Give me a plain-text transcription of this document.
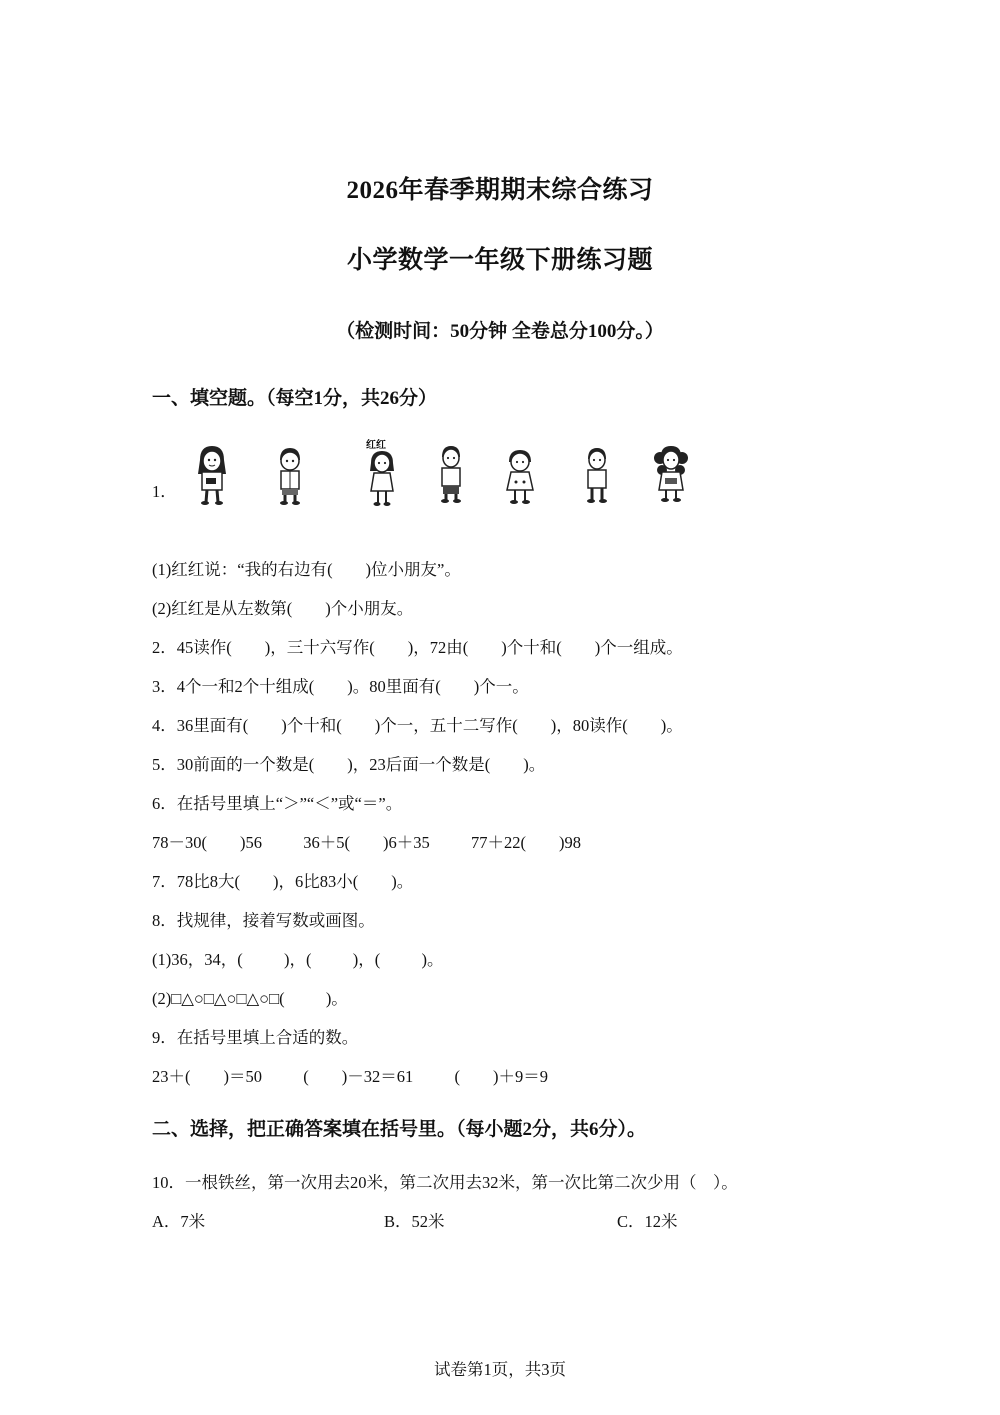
2026年春季期期末综合练习
小学数学一年级下册练习题
（检测时间：50分钟 全卷总分100分。）
一、填空题。（每空1分，共26分）
1．
红红
(1)红红说：“我的右边有(        )位小朋友”。
(2)红红是从左数第(        )个小朋友。
2．45读作(        )，三十六写作(        )，72由(        )个十和(        )个一组成。
3．4个一和2个十组成(        )。80里面有(        )个一。
4．36里面有(        )个十和(        )个一，五十二写作(        )，80读作(        )。
5．30前面的一个数是(        )，23后面一个数是(        )。
6．在括号里填上“＞”“＜”或“＝”。
78－30(        )56          36＋5(        )6＋35          77＋22(        )98
7．78比8大(        )，6比83小(        )。
8．找规律，接着写数或画图。
(1)36，34，(          )，(          )，(          )。
(2)□△○□△○□△○□(          )。
9．在括号里填上合适的数。
23＋(        )＝50          (        )－32＝61          (        )＋9＝9
二、选择，把正确答案填在括号里。（每小题2分，共6分）。
10．一根铁丝，第一次用去20米，第二次用去32米，第一次比第二次少用（    ）。
A．7米	B．52米	C．12米
试卷第1页，共3页
